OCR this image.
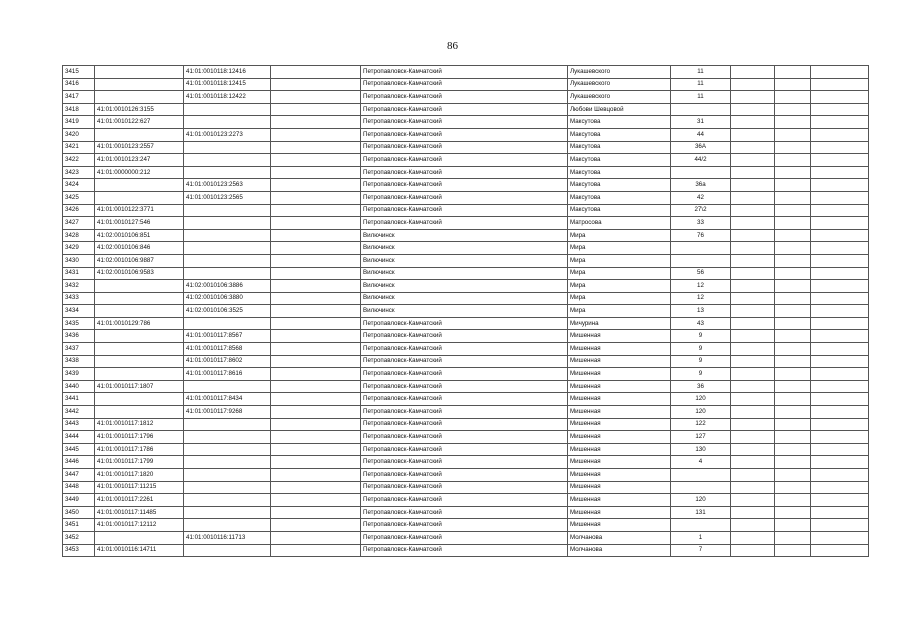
86
3415		41:01:0010118:12416		Петропавловск-Камчатский	Лукашевского	11			
3416		41:01:0010118:12415		Петропавловск-Камчатский	Лукашевского	11			
3417		41:01:0010118:12422		Петропавловск-Камчатский	Лукашевского	11			
3418	41:01:0010126:3155			Петропавловск-Камчатский	Любови Шевцовой				
3419	41:01:0010122:627			Петропавловск-Камчатский	Максутова	31			
3420		41:01:0010123:2273		Петропавловск-Камчатский	Максутова	44			
3421	41:01:0010123:2557			Петропавловск-Камчатский	Максутова	36А			
3422	41:01:0010123:247			Петропавловск-Камчатский	Максутова	44/2			
3423	41:01:0000000:212			Петропавловск-Камчатский	Максутова				
3424		41:01:0010123:2563		Петропавловск-Камчатский	Максутова	36а			
3425		41:01:0010123:2565		Петропавловск-Камчатский	Максутова	42			
3426	41:01:0010122:3771			Петропавловск-Камчатский	Максутова	27\2			
3427	41:01:0010127:546			Петропавловск-Камчатский	Матросова	33			
3428	41:02:0010106:851			Вилючинск	Мира	76			
3429	41:02:0010106:846			Вилючинск	Мира				
3430	41:02:0010106:9887			Вилючинск	Мира				
3431	41:02:0010106:9583			Вилючинск	Мира	56			
3432		41:02:0010106:3886		Вилючинск	Мира	12			
3433		41:02:0010106:3880		Вилючинск	Мира	12			
3434		41:02:0010106:3525		Вилючинск	Мира	13			
3435	41:01:0010129:786			Петропавловск-Камчатский	Мичурина	43			
3436		41:01:0010117:8567		Петропавловск-Камчатский	Мишенная	9			
3437		41:01:0010117:8568		Петропавловск-Камчатский	Мишенная	9			
3438		41:01:0010117:8602		Петропавловск-Камчатский	Мишенная	9			
3439		41:01:0010117:8616		Петропавловск-Камчатский	Мишенная	9			
3440	41:01:0010117:1807			Петропавловск-Камчатский	Мишенная	36			
3441		41:01:0010117:8434		Петропавловск-Камчатский	Мишенная	120			
3442		41:01:0010117:9268		Петропавловск-Камчатский	Мишенная	120			
3443	41:01:0010117:1812			Петропавловск-Камчатский	Мишенная	122			
3444	41:01:0010117:1796			Петропавловск-Камчатский	Мишенная	127			
3445	41:01:0010117:1786			Петропавловск-Камчатский	Мишенная	130			
3446	41:01:0010117:1799			Петропавловск-Камчатский	Мишенная	4			
3447	41:01:0010117:1820			Петропавловск-Камчатский	Мишенная				
3448	41:01:0010117:11215			Петропавловск-Камчатский	Мишенная				
3449	41:01:0010117:2261			Петропавловск-Камчатский	Мишенная	120			
3450	41:01:0010117:11485			Петропавловск-Камчатский	Мишенная	131			
3451	41:01:0010117:12112			Петропавловск-Камчатский	Мишенная				
3452		41:01:0010116:11713		Петропавловск-Камчатский	Молчанова	1			
3453	41:01:0010116:14711			Петропавловск-Камчатский	Молчанова	7			
